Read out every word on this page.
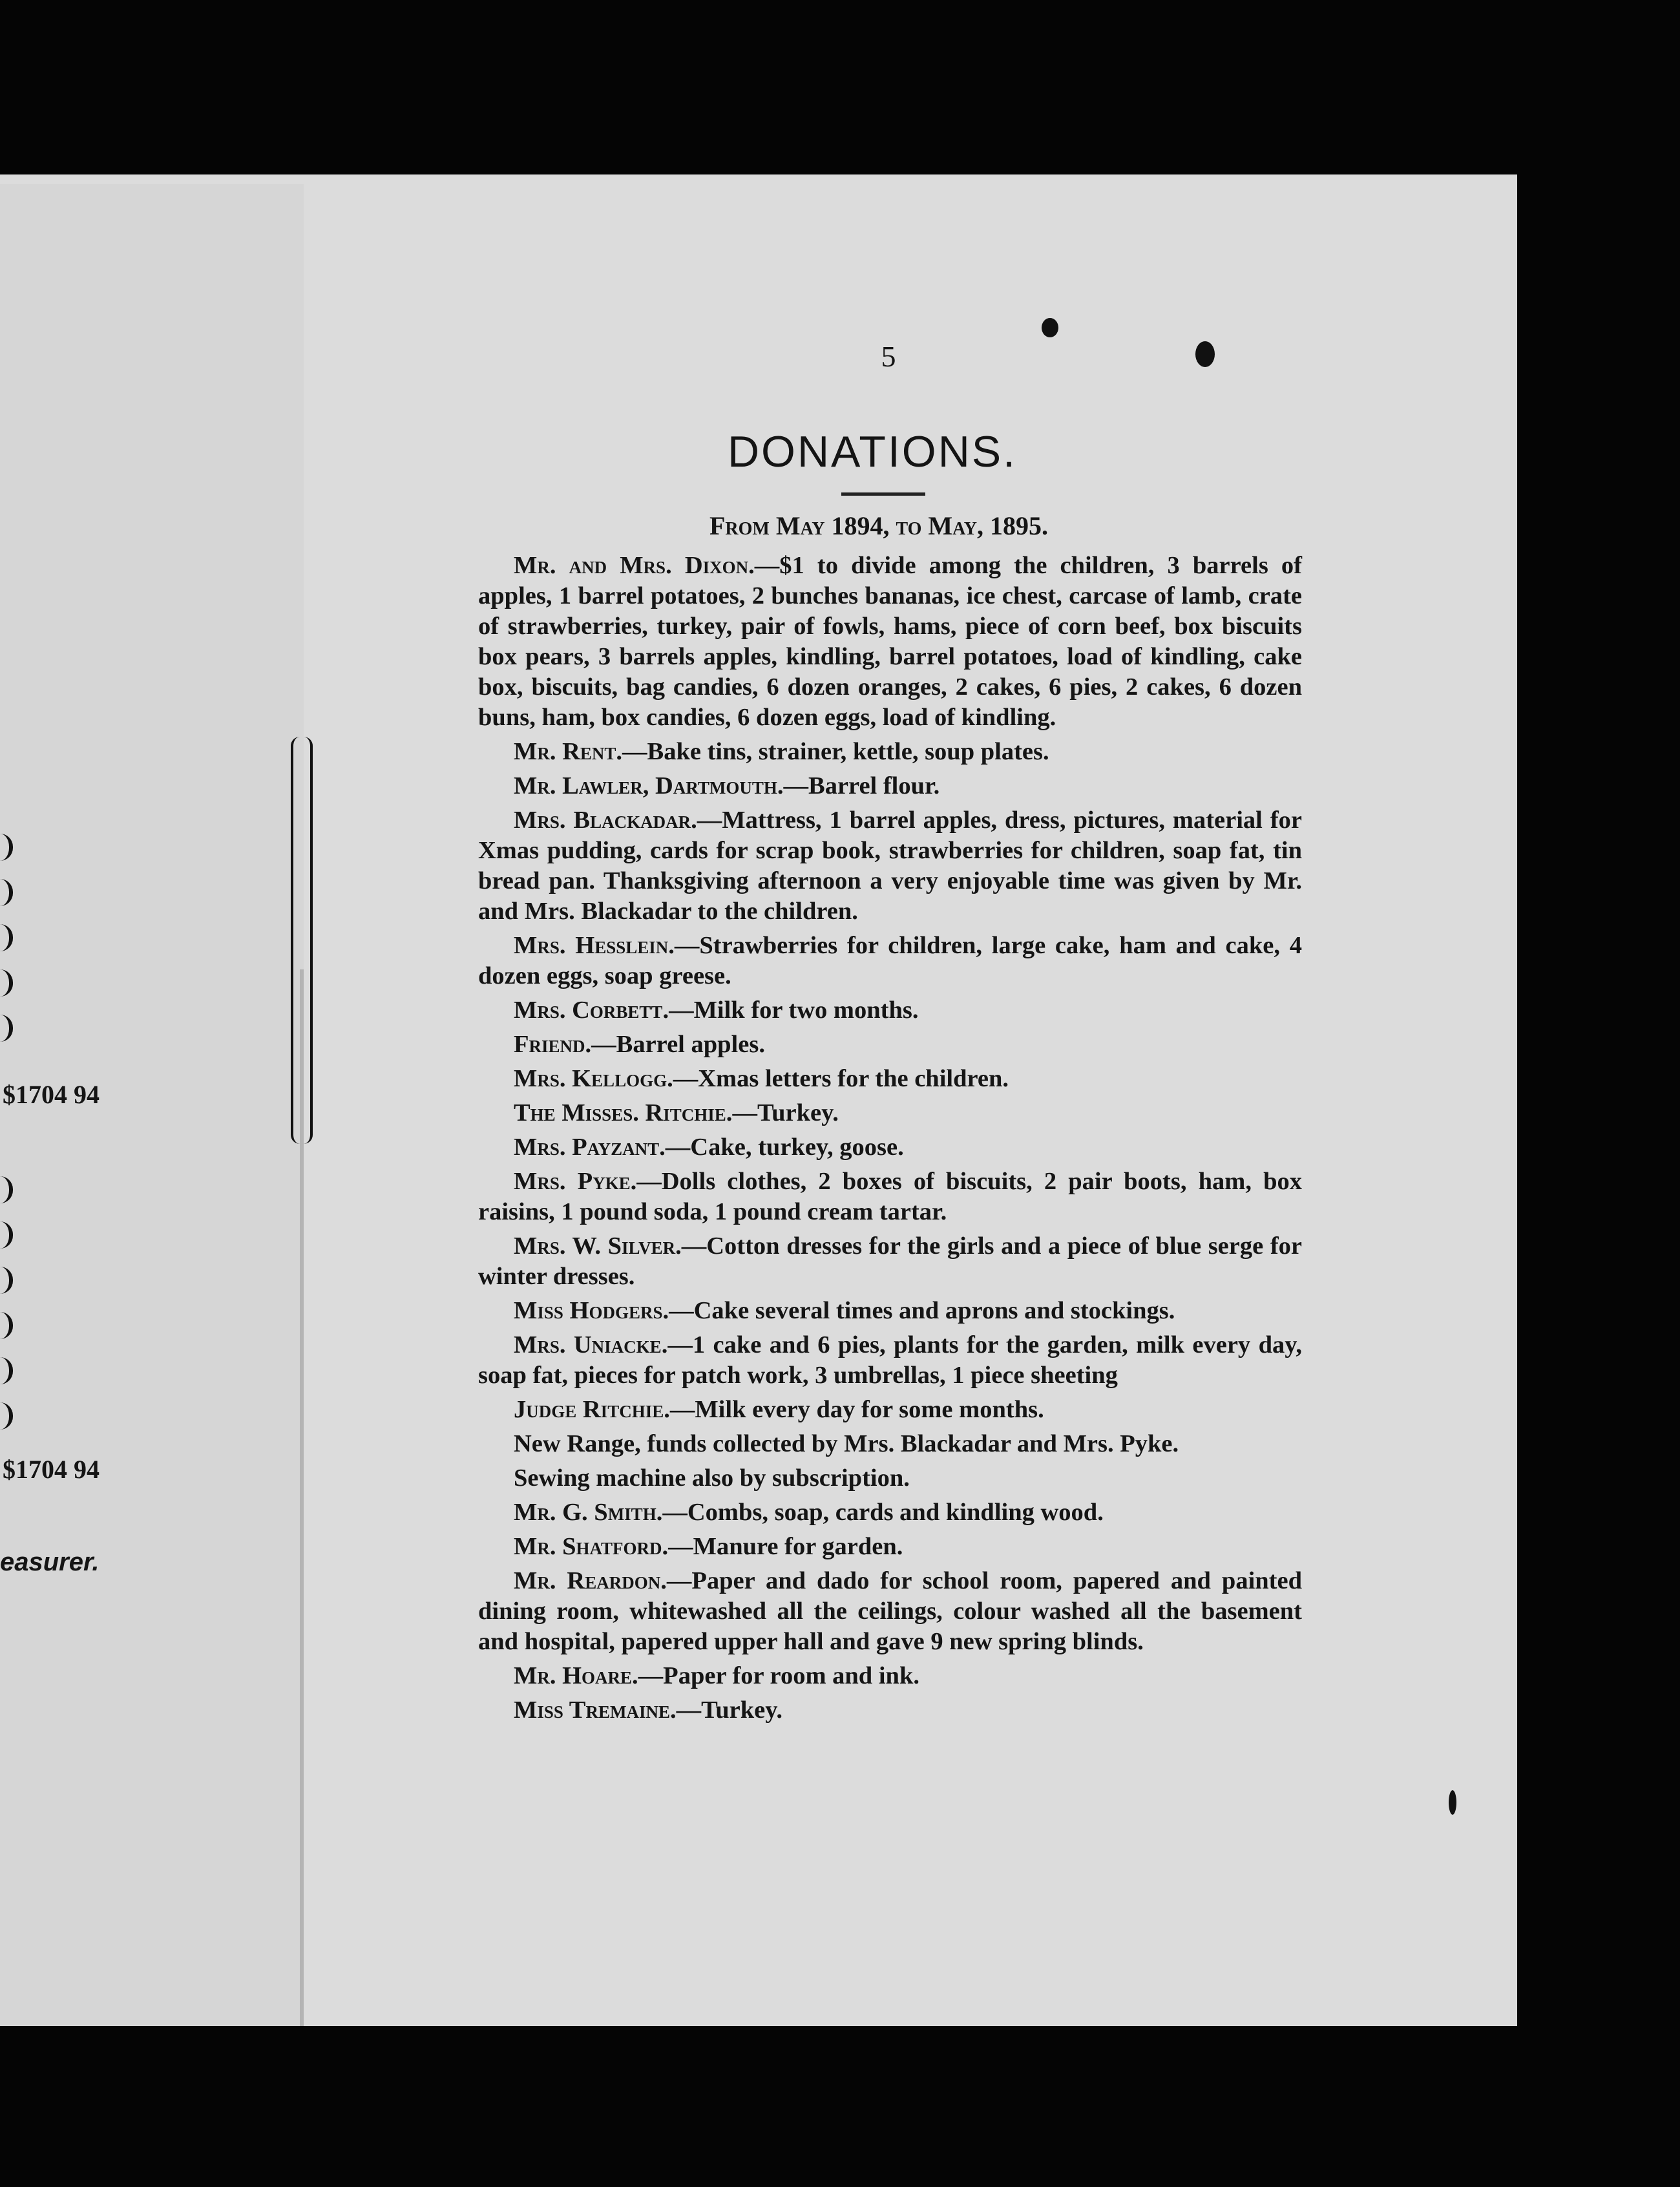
$1704 94
$1704 94
easurer.
5
DONATIONS.
From May 1894, to May, 1895.

Mr. and Mrs. Dixon.—$1 to divide among the children, 3 barrels of apples, 1 barrel potatoes, 2 bunches bananas, ice chest, carcase of lamb, crate of strawberries, turkey, pair of fowls, hams, piece of corn beef, box biscuits box pears, 3 barrels apples, kindling, barrel potatoes, load of kindling, cake box, biscuits, bag candies, 6 dozen oranges, 2 cakes, 6 pies, 2 cakes, 6 dozen buns, ham, box candies, 6 dozen eggs, load of kindling.

Mr. Rent.—Bake tins, strainer, kettle, soup plates.

Mr. Lawler, Dartmouth.—Barrel flour.

Mrs. Blackadar.—Mattress, 1 barrel apples, dress, pictures, material for Xmas pudding, cards for scrap book, strawberries for children, soap fat, tin bread pan. Thanksgiving afternoon a very enjoyable time was given by Mr. and Mrs. Blackadar to the children.

Mrs. Hesslein.—Strawberries for children, large cake, ham and cake, 4 dozen eggs, soap greese.

Mrs. Corbett.—Milk for two months.

Friend.—Barrel apples.

Mrs. Kellogg.—Xmas letters for the children.

The Misses. Ritchie.—Turkey.

Mrs. Payzant.—Cake, turkey, goose.

Mrs. Pyke.—Dolls clothes, 2 boxes of biscuits, 2 pair boots, ham, box raisins, 1 pound soda, 1 pound cream tartar.

Mrs. W. Silver.—Cotton dresses for the girls and a piece of blue serge for winter dresses.

Miss Hodgers.—Cake several times and aprons and stockings.

Mrs. Uniacke.—1 cake and 6 pies, plants for the garden, milk every day, soap fat, pieces for patch work, 3 umbrellas, 1 piece sheeting

Judge Ritchie.—Milk every day for some months.

New Range, funds collected by Mrs. Blackadar and Mrs. Pyke.

Sewing machine also by subscription.

Mr. G. Smith.—Combs, soap, cards and kindling wood.

Mr. Shatford.—Manure for garden.

Mr. Reardon.—Paper and dado for school room, papered and painted dining room, whitewashed all the ceilings, colour washed all the basement and hospital, papered upper hall and gave 9 new spring blinds.

Mr. Hoare.—Paper for room and ink.

Miss Tremaine.—Turkey.
